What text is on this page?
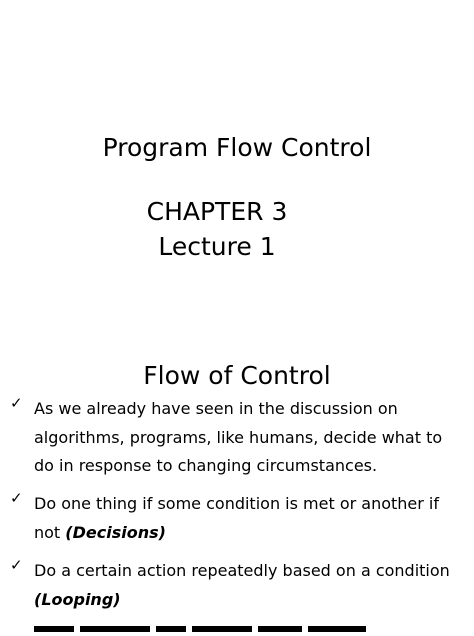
Program Flow Control
CHAPTER 3
Lecture 1
Flow of Control
✓ As we already have seen in the discussion on algorithms, programs, like humans, decide what to do in response to changing circumstances.
✓ Do one thing if some condition is met or another if not (Decisions)
✓ Do a certain action repeatedly based on a condition (Looping)
